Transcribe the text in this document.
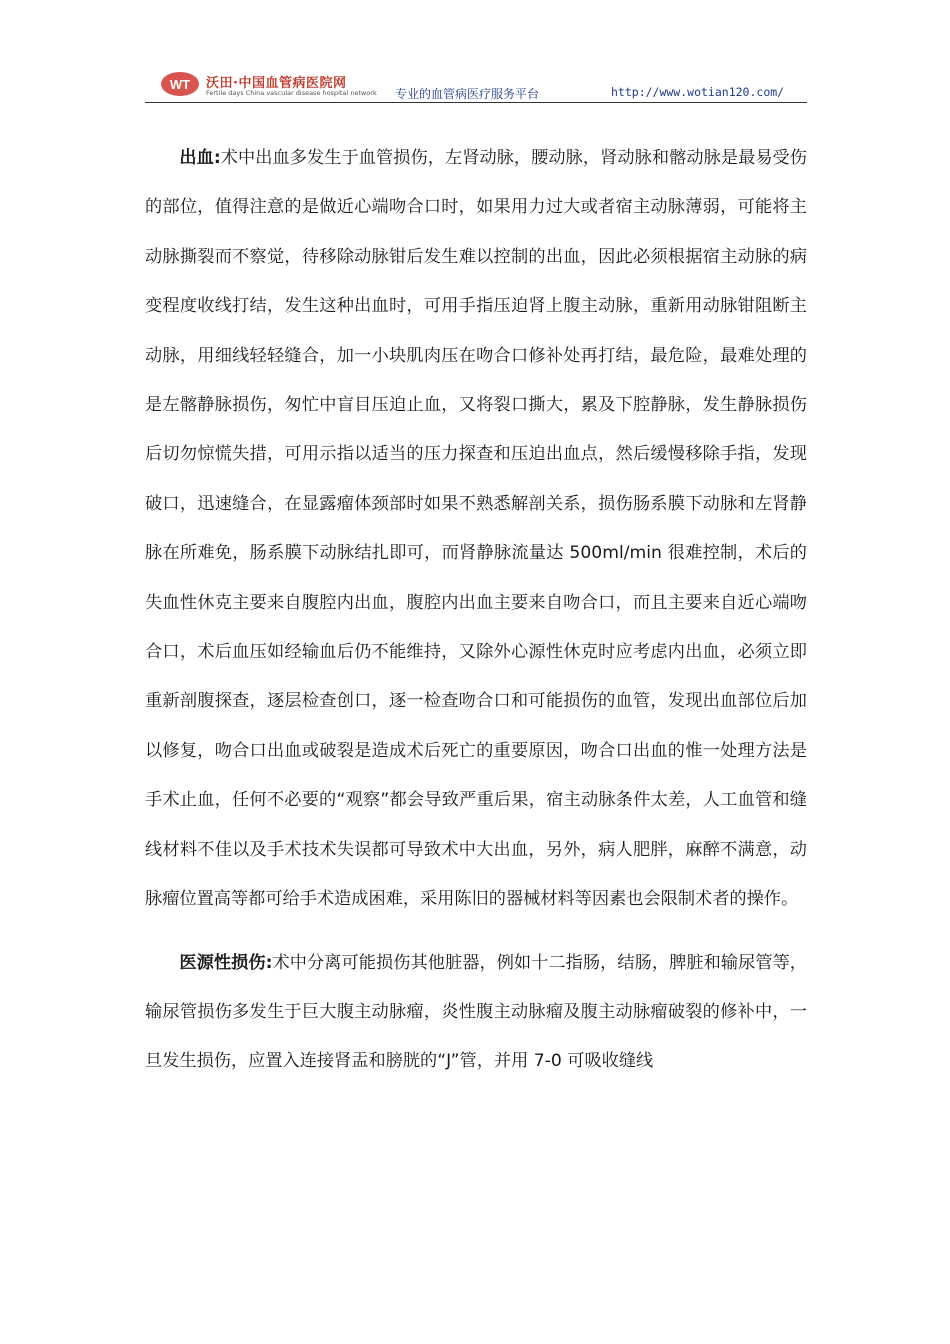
WT 沃田·中国血管病医院网
Fertile days China vascular disease hospital network 专业的血管病医疗服务平台	http://www.wotian120.com/

出血:术中出血多发生于血管损伤，左肾动脉，腰动脉，肾动脉和髂动脉是最易受伤的部位，值得注意的是做近心端吻合口时，如果用力过大或者宿主动脉薄弱，可能将主动脉撕裂而不察觉，待移除动脉钳后发生难以控制的出血，因此必须根据宿主动脉的病变程度收线打结，发生这种出血时，可用手指压迫肾上腹主动脉，重新用动脉钳阻断主动脉，用细线轻轻缝合，加一小块肌肉压在吻合口修补处再打结，最危险，最难处理的是左髂静脉损伤，匆忙中盲目压迫止血，又将裂口撕大，累及下腔静脉，发生静脉损伤后切勿惊慌失措，可用示指以适当的压力探查和压迫出血点，然后缓慢移除手指，发现破口，迅速缝合，在显露瘤体颈部时如果不熟悉解剖关系，损伤肠系膜下动脉和左肾静脉在所难免，肠系膜下动脉结扎即可，而肾静脉流量达 500ml/min 很难控制，术后的失血性休克主要来自腹腔内出血，腹腔内出血主要来自吻合口，而且主要来自近心端吻合口，术后血压如经输血后仍不能维持，又除外心源性休克时应考虑内出血，必须立即重新剖腹探查，逐层检查创口，逐一检查吻合口和可能损伤的血管，发现出血部位后加以修复，吻合口出血或破裂是造成术后死亡的重要原因，吻合口出血的惟一处理方法是手术止血，任何不必要的“观察”都会导致严重后果，宿主动脉条件太差，人工血管和缝线材料不佳以及手术技术失误都可导致术中大出血，另外，病人肥胖，麻醉不满意，动脉瘤位置高等都可给手术造成困难，采用陈旧的器械材料等因素也会限制术者的操作。

医源性损伤:术中分离可能损伤其他脏器，例如十二指肠，结肠，脾脏和输尿管等，输尿管损伤多发生于巨大腹主动脉瘤，炎性腹主动脉瘤及腹主动脉瘤破裂的修补中，一旦发生损伤，应置入连接肾盂和膀胱的“J”管，并用 7-0 可吸收缝线
